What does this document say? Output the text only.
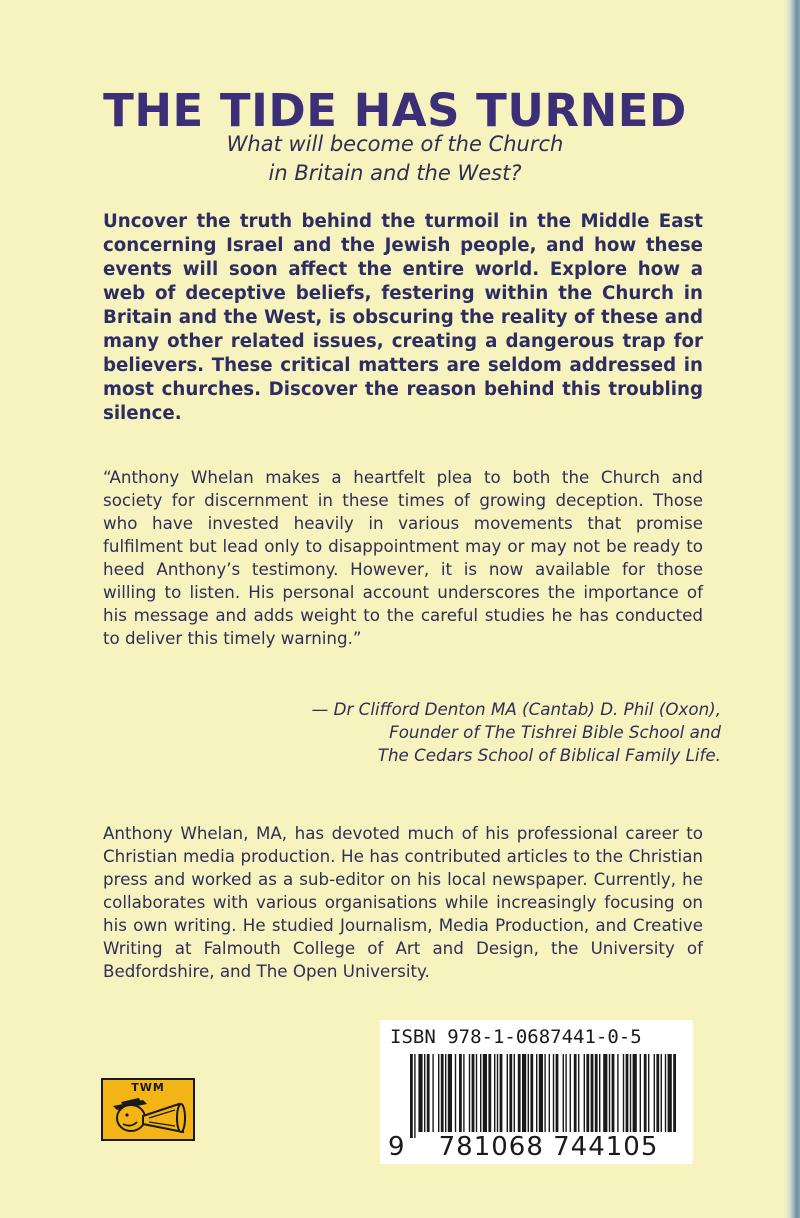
THE TIDE HAS TURNED
What will become of the Church
in Britain and the West?

Uncover the truth behind the turmoil in the Middle East concerning Israel and the Jewish people, and how these events will soon affect the entire world. Explore how a web of deceptive beliefs, festering within the Church in Britain and the West, is obscuring the reality of these and many other related issues, creating a dangerous trap for believers. These critical matters are seldom addressed in most churches. Discover the reason behind this troubling silence.

“Anthony Whelan makes a heartfelt plea to both the Church and society for discernment in these times of growing deception. Those who have invested heavily in various movements that promise fulfilment but lead only to disappointment may or may not be ready to heed Anthony’s testimony. However, it is now available for those willing to listen. His personal account underscores the importance of his message and adds weight to the careful studies he has conducted to deliver this timely warning.”

— Dr Clifford Denton MA (Cantab) D. Phil (Oxon),
Founder of The Tishrei Bible School and
The Cedars School of Biblical Family Life.

Anthony Whelan, MA, has devoted much of his professional career to Christian media production. He has contributed articles to the Christian press and worked as a sub-editor on his local newspaper. Currently, he collaborates with various organisations while increasingly focusing on his own writing. He studied Journalism, Media Production, and Creative Writing at Falmouth College of Art and Design, the University of Bedfordshire, and The Open University.

TWM
ISBN 978-1-0687441-0-5
9	781068 744105
